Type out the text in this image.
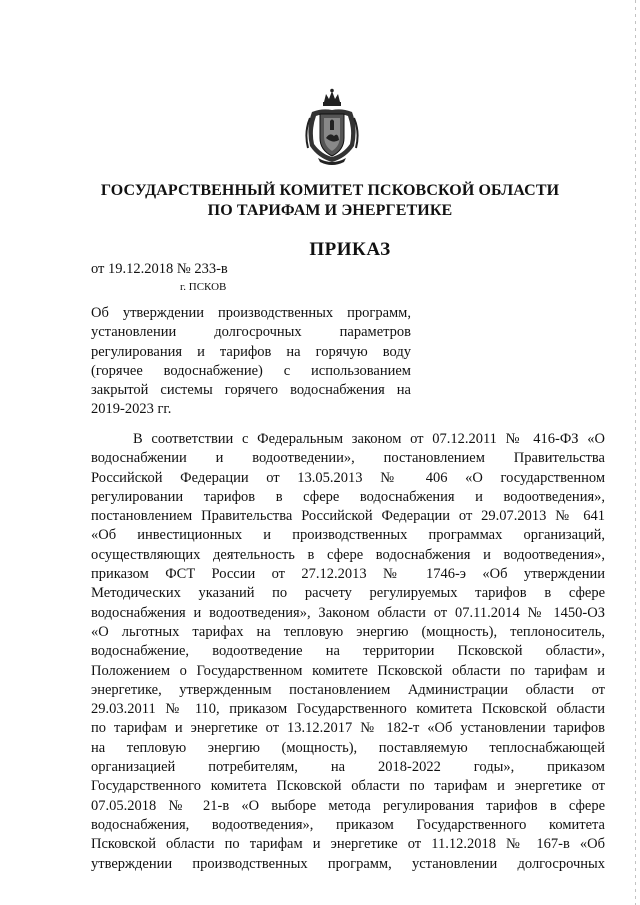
ГОСУДАРСТВЕННЫЙ КОМИТЕТ ПСКОВСКОЙ ОБЛАСТИ
ПО ТАРИФАМ И ЭНЕРГЕТИКЕ
ПРИКАЗ
от 19.12.2018 № 233-в
г. ПСКОВ
Об утверждении производственных программ,
установлении долгосрочных параметров
регулирования и тарифов на горячую воду
(горячее водоснабжение) с использованием
закрытой системы горячего водоснабжения на
2019-2023 гг.
В соответствии с Федеральным законом от 07.12.2011 № 416-ФЗ «О
водоснабжении и водоотведении», постановлением Правительства
Российской Федерации от 13.05.2013 № 406 «О государственном
регулировании тарифов в сфере водоснабжения и водоотведения»,
постановлением Правительства Российской Федерации от 29.07.2013 № 641
«Об инвестиционных и производственных программах организаций,
осуществляющих деятельность в сфере водоснабжения и водоотведения»,
приказом ФСТ России от 27.12.2013 № 1746-э «Об утверждении
Методических указаний по расчету регулируемых тарифов в сфере
водоснабжения и водоотведения», Законом области от 07.11.2014 № 1450-ОЗ
«О льготных тарифах на тепловую энергию (мощность), теплоноситель,
водоснабжение, водоотведение на территории Псковской области»,
Положением о Государственном комитете Псковской области по тарифам и
энергетике, утвержденным постановлением Администрации области от
29.03.2011 № 110, приказом Государственного комитета Псковской области
по тарифам и энергетике от 13.12.2017 № 182-т «Об установлении тарифов
на тепловую энергию (мощность), поставляемую теплоснабжающей
организацией потребителям, на 2018-2022 годы», приказом
Государственного комитета Псковской области по тарифам и энергетике от
07.05.2018 № 21-в «О выборе метода регулирования тарифов в сфере
водоснабжения, водоотведения», приказом Государственного комитета
Псковской области по тарифам и энергетике от 11.12.2018 № 167-в «Об
утверждении производственных программ, установлении долгосрочных
